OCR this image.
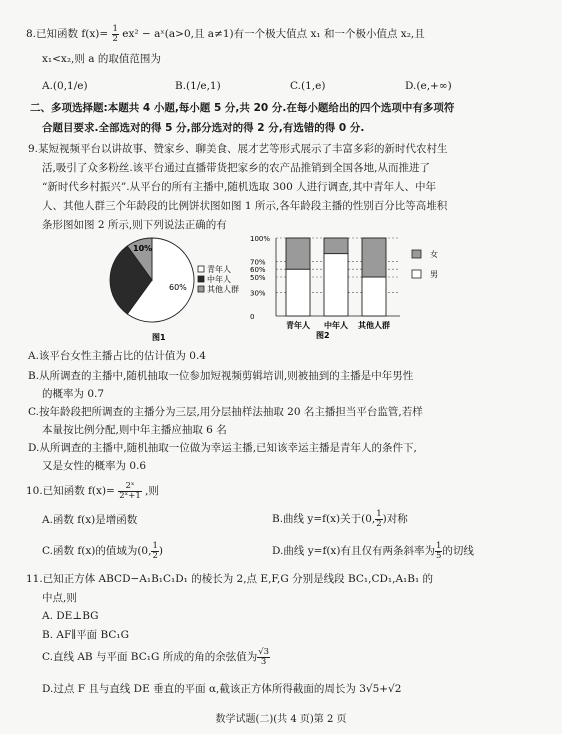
8.已知函数 $f(x)= \frac{1}{2} ex^2$ − aˣ(a>0,且 a≠1)有一个极大值点 x₁ 和一个极小值点 x₂,且
x₁<x₂,则 a 的取值范围为
A.(0,1/e)	B.(1/e,1)	C.(1,e)	D.(e,+∞)
二、多项选择题:本题共 4 小题,每小题 5 分,共 20 分.在每小题给出的四个选项中有多项符
合题目要求.全部选对的得 5 分,部分选对的得 2 分,有选错的得 0 分.
9.某短视频平台以讲故事、赞家乡、聊美食、展才艺等形式展示了丰富多彩的新时代农村生
活,吸引了众多粉丝.该平台通过直播带货把家乡的农产品推销到全国各地,从而推进了
“新时代乡村振兴”.从平台的所有主播中,随机选取 300 人进行调查,其中青年人、中年
人、其他人群三个年龄段的比例饼状图如图 1 所示,各年龄段主播的性别百分比等高堆积
条形图如图 2 所示,则下列说法正确的有
60%
10%
青年人
中年人
其他人群
图1
100%
70%
60%
50%
30%
0
青年人 中年人 其他人群
女
男
图2
A.该平台女性主播占比的估计值为 0.4
B.从所调查的主播中,随机抽取一位参加短视频剪辑培训,则被抽到的主播是中年男性
的概率为 0.7
C.按年龄段把所调查的主播分为三层,用分层抽样法抽取 20 名主播担当平台监管,若样
本量按比例分配,则中年主播应抽取 6 名
D.从所调查的主播中,随机抽取一位做为幸运主播,已知该幸运主播是青年人的条件下,
又是女性的概率为 0.6
10.已知函数 $f(x)= \frac{\text{2ˣ}}{\text{2ˣ+1}}$ ,则
A.函数 f(x)是增函数	B.曲线 y=f(x)关于(0, $\frac{1}{2}$ )对称
C.函数 f(x)的值域为(0, $\frac{1}{2}$ )	D.曲线 y=f(x)有且仅有两条斜率为 $\frac{1}{5}$ 的切线
11.已知正方体 ABCD−A₁B₁C₁D₁ 的棱长为 2,点 E,F,G 分别是线段 BC₁,CD₁,A₁B₁ 的
中点,则
A. DE⊥BG
B. AF∥平面 BC₁G
C.直线 AB 与平面 BC₁G 所成的角的余弦值为 $\frac{√3}{3}$
D.过点 F 且与直线 DE 垂直的平面 α,截该正方体所得截面的周长为 3√5+√2
数学试题(二)(共 4 页)第 2 页
